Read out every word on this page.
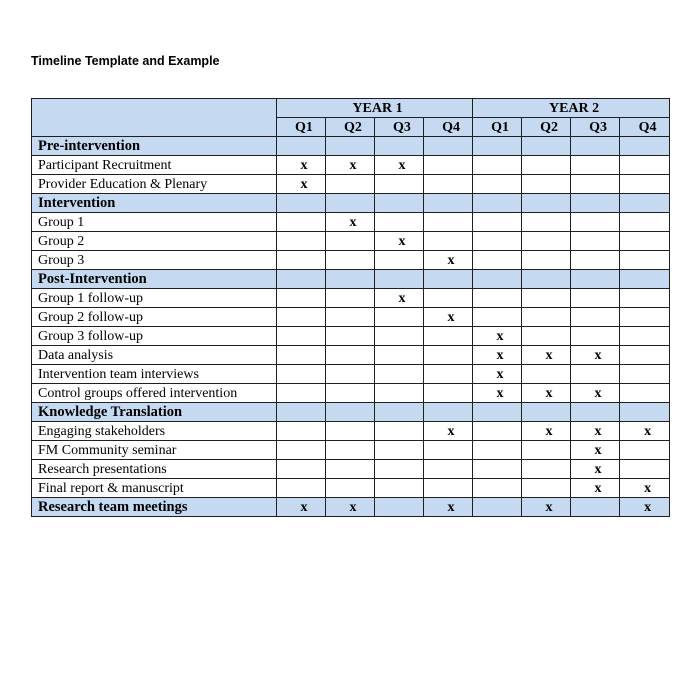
Timeline Template and Example
	YEAR 1				YEAR 2			
	Q1	Q2	Q3	Q4	Q1	Q2	Q3	Q4
Pre-intervention								
Participant Recruitment	x	x	x					
Provider Education & Plenary	x							
Intervention								
Group 1		x						
Group 2			x					
Group 3				x				
Post-Intervention								
Group 1 follow-up			x					
Group 2 follow-up				x				
Group 3 follow-up					x			
Data analysis					x	x	x	
Intervention team interviews					x			
Control groups offered intervention					x	x	x	
Knowledge Translation								
Engaging stakeholders				x		x	x	x
FM Community seminar							x	
Research presentations							x	
Final report & manuscript							x	x
Research team meetings	x	x		x		x		x
